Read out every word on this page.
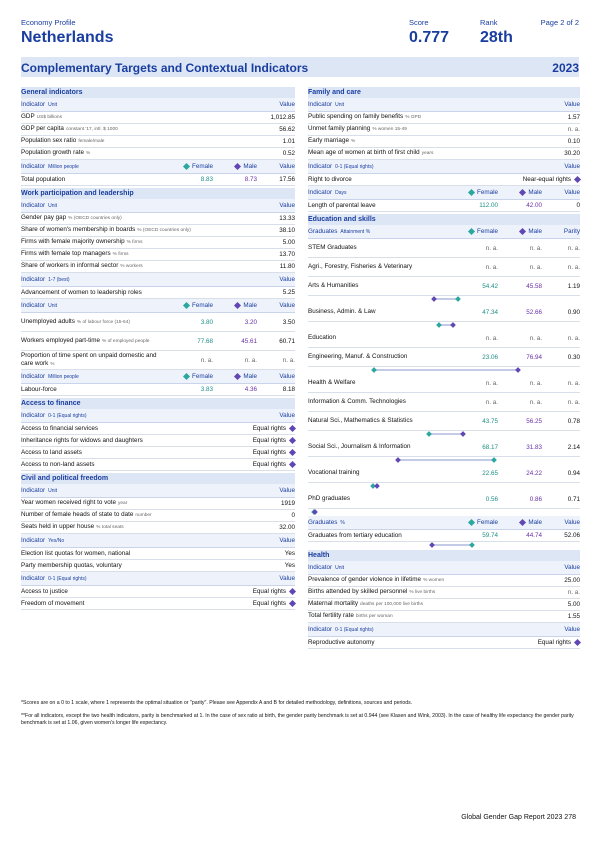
Economy Profile
Netherlands
Score
0.777
Rank
28th
Page 2 of 2
Complementary Targets and Contextual Indicators	2023
General indicators
Indicator Unit	Value
GDP US$ billions	1,012.85
GDP per capita constant '17, intl. $ 1000	56.62
Population sex ratio female/male	1.01
Population growth rate %	0.52
Indicator Million people	Female	Male	Value
Total population	8.83	8.73	17.56
Work participation and leadership
Indicator Unit	Value
Gender pay gap % (OECD countries only)	13.33
Share of women's membership in boards % (OECD countries only)	38.10
Firms with female majority ownership % firms	5.00
Firms with female top managers % firms	13.70
Share of workers in informal sector % workers	11.80
Indicator 1-7 (best)	Value
Advancement of women to leadership roles	5.25
Indicator Unit	Female	Male	Value
Unemployed adults % of labour force (15-64)	3.80	3.20	3.50
Workers employed part-time % of employed people	77.68	45.61	60.71
Proportion of time spent on unpaid domestic and care work %
n. a.	n. a.	n. a.
Indicator Million people	Female	Male	Value
Labour-force	3.83	4.36	8.18
Access to finance
Indicator 0-1 (Equal rights)	Value
Access to financial services	Equal rights
Inheritance rights for widows and daughters	Equal rights
Access to land assets	Equal rights
Access to non-land assets	Equal rights
Civil and political freedom
Indicator Unit	Value
Year women received right to vote year	1919
Number of female heads of state to date number	0
Seats held in upper house % total seats	32.00
Indicator Yes/No	Value
Election list quotas for women, national	Yes
Party membership quotas, voluntary	Yes
Indicator 0-1 (Equal rights)	Value
Access to justice	Equal rights
Freedom of movement	Equal rights
Family and care
Indicator Unit	Value
Public spending on family benefits % GPD	1.57
Unmet family planning % women 15-49	n. a.
Early marriage %	0.10
Mean age of women at birth of first child years	30.20
Indicator 0-1 (Equal rights)	Value
Right to divorce	Near-equal rights
Indicator Days	Female	Male	Value
Length of parental leave	112.00	42.00	0
Education and skills
Graduates Attainment %	Female	Male	Parity
STEM Graduates	n. a.	n. a.	n. a.
Agri., Forestry, Fisheries & Veterinary	n. a.	n. a.	n. a.
Arts & Humanities	54.42	45.58	1.19
Business, Admin. & Law	47.34	52.66	0.90
Education	n. a.	n. a.	n. a.
Engineering, Manuf. & Construction	23.06	76.94	0.30
Health & Welfare	n. a.	n. a.	n. a.
Information & Comm. Technologies	n. a.	n. a.	n. a.
Natural Sci., Mathematics & Statistics	43.75	56.25	0.78
Social Sci., Journalism & Information	68.17	31.83	2.14
Vocational training	22.65	24.22	0.94
PhD graduates	0.56	0.86	0.71
Graduates %	Female	Male	Value
Graduates from tertiary education	59.74	44.74	52.06
Health
Indicator Unit	Value
Prevalence of gender violence in lifetime % women	25.00
Births attended by skilled personnel % live births	n. a.
Maternal mortality deaths per 100,000 live births	5.00
Total fertility rate births per woman	1.55
Indicator 0-1 (Equal rights)	Value
Reproductive autonomy	Equal rights
*Scores are on a 0 to 1 scale, where 1 represents the optimal situation or "parity". Please see Appendix A and B for detailed methodology, definitions, sources and periods.
**For all indicators, except the two health indicators, parity is benchmarked at 1. In the case of sex ratio at birth, the gender parity benchmark is set at 0.944 (see Klasen and Wink, 2003). In the case of healthy life expectancy the gender parity benchmark is set at 1.06, given women's longer life expectancy.
Global Gender Gap Report 2023 278
